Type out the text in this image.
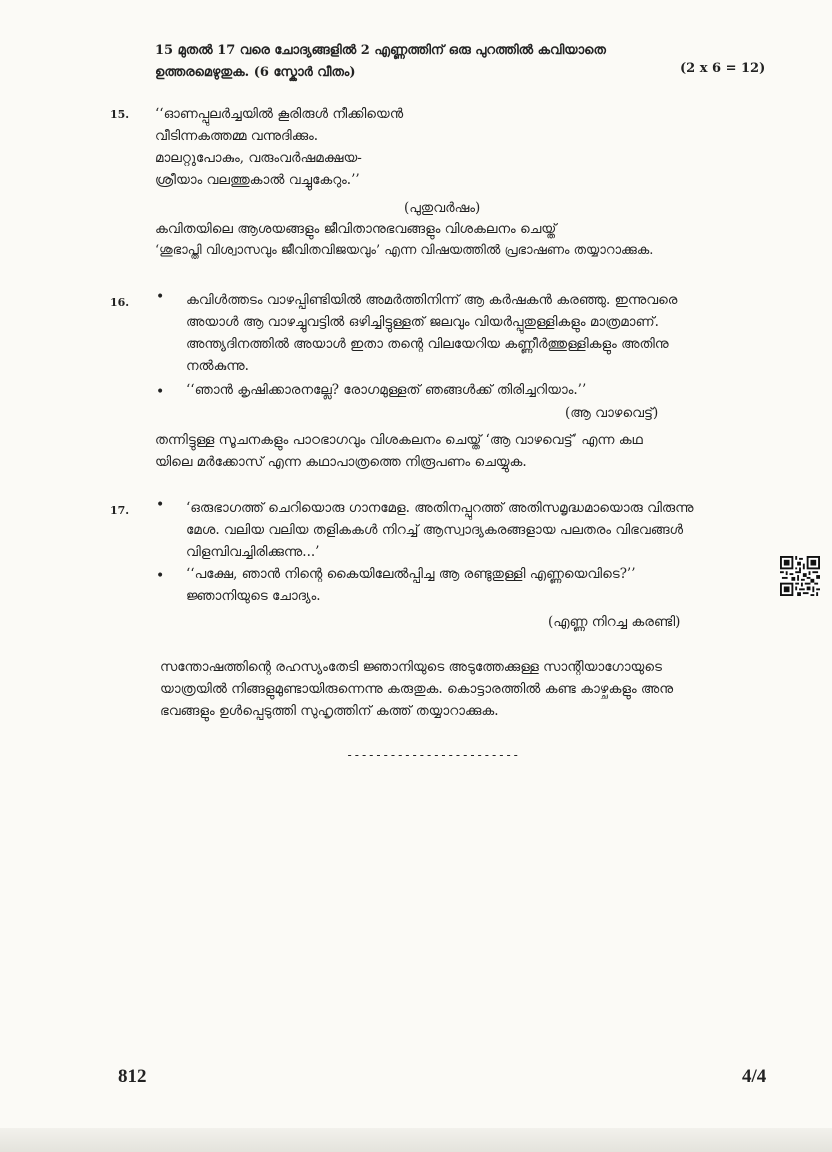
15 മുതൽ 17 വരെ ചോദ്യങ്ങളിൽ 2 എണ്ണത്തിന് ഒരു പുറത്തിൽ കവിയാതെ
ഉത്തരമെഴുതുക. (6 സ്കോർ വീതം)	(2 x 6 = 12)
15. ‘‘ഓണപ്പുലർച്ചയിൽ കൂരിരുൾ നീക്കിയെൻ
വീടിന്നകത്തമ്മ വന്നുദിക്കും.
മാലറ്റുപോകും, വരുംവർഷമക്ഷയ-
ശ്രീയാം വലത്തുകാൽ വച്ചുകേറും.’’
(പുതുവർഷം)
കവിതയിലെ ആശയങ്ങളും ജീവിതാനുഭവങ്ങളും വിശകലനം ചെയ്ത്
‘ശുഭാപ്തി വിശ്വാസവും ജീവിതവിജയവും’ എന്ന വിഷയത്തിൽ പ്രഭാഷണം തയ്യാറാക്കുക.
16. • കവിൾത്തടം വാഴപ്പിണ്ടിയിൽ അമർത്തിനിന്ന് ആ കർഷകൻ കരഞ്ഞു. ഇന്നുവരെ
അയാൾ ആ വാഴച്ചുവട്ടിൽ ഒഴിച്ചിട്ടുള്ളത് ജലവും വിയർപ്പുതുള്ളികളും മാത്രമാണ്.
അന്ത്യദിനത്തിൽ അയാൾ ഇതാ തന്റെ വിലയേറിയ കണ്ണീർത്തുള്ളികളും അതിനു
നൽകുന്നു.
• ‘‘ഞാൻ കൃഷിക്കാരനല്ലേ? രോഗമുള്ളത് ഞങ്ങൾക്ക് തിരിച്ചറിയാം.’’
(ആ വാഴവെട്ട്)
തന്നിട്ടുള്ള സൂചനകളും പാഠഭാഗവും വിശകലനം ചെയ്ത് ‘ആ വാഴവെട്ട്’ എന്ന കഥ
യിലെ മർക്കോസ് എന്ന കഥാപാത്രത്തെ നിരൂപണം ചെയ്യുക.
17. • ‘ഒരുഭാഗത്ത് ചെറിയൊരു ഗാനമേള. അതിനപ്പുറത്ത് അതിസമൃദ്ധമായൊരു വിരുന്നു
മേശ. വലിയ വലിയ തളികകൾ നിറച്ച് ആസ്വാദ്യകരങ്ങളായ പലതരം വിഭവങ്ങൾ
വിളമ്പിവച്ചിരിക്കുന്നു...’
• ‘‘പക്ഷേ, ഞാൻ നിന്റെ കൈയിലേൽപ്പിച്ച ആ രണ്ടുതുള്ളി എണ്ണയെവിടെ?’’
ജ്ഞാനിയുടെ ചോദ്യം.
(എണ്ണ നിറച്ച കരണ്ടി)
സന്തോഷത്തിന്റെ രഹസ്യംതേടി ജ്ഞാനിയുടെ അടുത്തേക്കുള്ള സാന്റിയാഗോയുടെ
യാത്രയിൽ നിങ്ങളുമുണ്ടായിരുന്നെന്നു കരുതുക. കൊട്ടാരത്തിൽ കണ്ട കാഴ്ചകളും അനു
ഭവങ്ങളും ഉൾപ്പെടുത്തി സുഹൃത്തിന് കത്ത് തയ്യാറാക്കുക.
------------------------
812	4/4
